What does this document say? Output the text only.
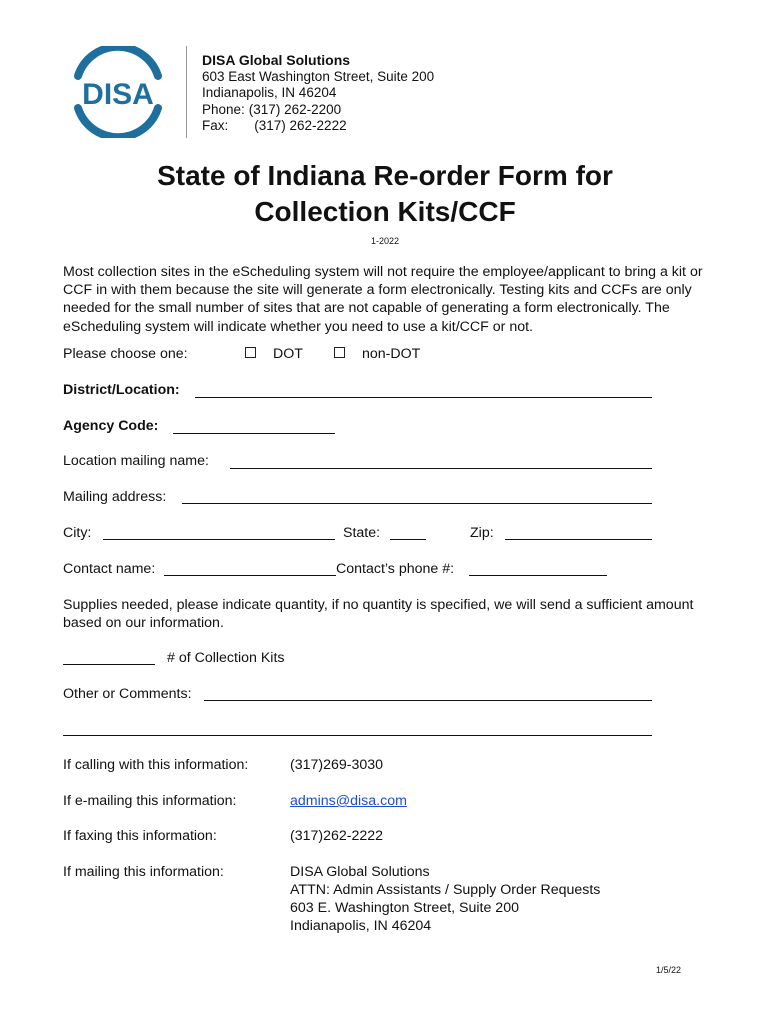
DISA
DISA Global Solutions
603 East Washington Street, Suite 200
Indianapolis, IN 46204
Phone: (317) 262-2200
Fax: (317) 262-2222
State of Indiana Re-order Form for
Collection Kits/CCF
1-2022
Most collection sites in the eScheduling system will not require the employee/applicant to bring a kit or CCF in with them because the site will generate a form electronically. Testing kits and CCFs are only needed for the small number of sites that are not capable of generating a form electronically. The eScheduling system will indicate whether you need to use a kit/CCF or not.
Please choose one:	DOT	non-DOT
District/Location:
Agency Code:
Location mailing name:
Mailing address:
City:	State:	Zip:
Contact name:	Contact’s phone #:
Supplies needed, please indicate quantity, if no quantity is specified, we will send a sufficient amount based on our information.
# of Collection Kits
Other or Comments:
If calling with this information:	(317)269-3030
If e-mailing this information:	admins@disa.com
If faxing this information:	(317)262-2222
If mailing this information:	DISA Global Solutions
ATTN: Admin Assistants / Supply Order Requests
603 E. Washington Street, Suite 200
Indianapolis, IN 46204
1/5/22
